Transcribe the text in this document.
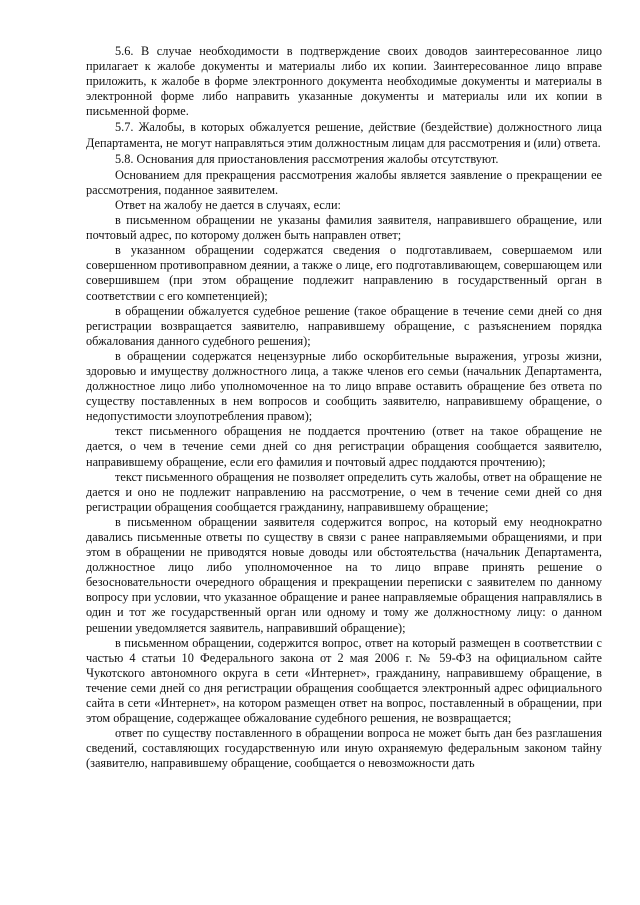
5.6. В случае необходимости в подтверждение своих доводов заинтересованное лицо прилагает к жалобе документы и материалы либо их копии. Заинтересованное лицо вправе приложить, к жалобе в форме электронного документа необходимые документы и материалы в электронной форме либо направить указанные документы и материалы или их копии в письменной форме.

5.7. Жалобы, в которых обжалуется решение, действие (бездействие) должностного лица Департамента, не могут направляться этим должностным лицам для рассмотрения и (или) ответа.

5.8. Основания для приостановления рассмотрения жалобы отсутствуют.

Основанием для прекращения рассмотрения жалобы является заявление о прекращении ее рассмотрения, поданное заявителем.

Ответ на жалобу не дается в случаях, если:

в письменном обращении не указаны фамилия заявителя, направившего обращение, или почтовый адрес, по которому должен быть направлен ответ;

в указанном обращении содержатся сведения о подготавливаем, совершаемом или совершенном противоправном деянии, а также о лице, его подготавливающем, совершающем или совершившем (при этом обращение подлежит направлению в государственный орган в соответствии с его компетенцией);

в обращении обжалуется судебное решение (такое обращение в течение семи дней со дня регистрации возвращается заявителю, направившему обращение, с разъяснением порядка обжалования данного судебного решения);

в обращении содержатся нецензурные либо оскорбительные выражения, угрозы жизни, здоровью и имуществу должностного лица, а также членов его семьи (начальник Департамента, должностное лицо либо уполномоченное на то лицо вправе оставить обращение без ответа по существу поставленных в нем вопросов и сообщить заявителю, направившему обращение, о недопустимости злоупотребления правом);

текст письменного обращения не поддается прочтению (ответ на такое обращение не дается, о чем в течение семи дней со дня регистрации обращения сообщается заявителю, направившему обращение, если его фамилия и почтовый адрес поддаются прочтению);

текст письменного обращения не позволяет определить суть жалобы, ответ на обращение не дается и оно не подлежит направлению на рассмотрение, о чем в течение семи дней со дня регистрации обращения сообщается гражданину, направившему обращение;

в письменном обращении заявителя содержится вопрос, на который ему неоднократно давались письменные ответы по существу в связи с ранее направляемыми обращениями, и при этом в обращении не приводятся новые доводы или обстоятельства (начальник Департамента, должностное лицо либо уполномоченное на то лицо вправе принять решение о безосновательности очередного обращения и прекращении переписки с заявителем по данному вопросу при условии, что указанное обращение и ранее направляемые обращения направлялись в один и тот же государственный орган или одному и тому же должностному лицу: о данном решении уведомляется заявитель, направивший обращение);

в письменном обращении, содержится вопрос, ответ на который размещен в соответствии с частью 4 статьи 10 Федерального закона от 2 мая 2006 г. № 59-ФЗ на официальном сайте Чукотского автономного округа в сети «Интернет», гражданину, направившему обращение, в течение семи дней со дня регистрации обращения сообщается электронный адрес официального сайта в сети «Интернет», на котором размещен ответ на вопрос, поставленный в обращении, при этом обращение, содержащее обжалование судебного решения, не возвращается;

ответ по существу поставленного в обращении вопроса не может быть дан без разглашения сведений, составляющих государственную или иную охраняемую федеральным законом тайну (заявителю, направившему обращение, сообщается о невозможности дать
